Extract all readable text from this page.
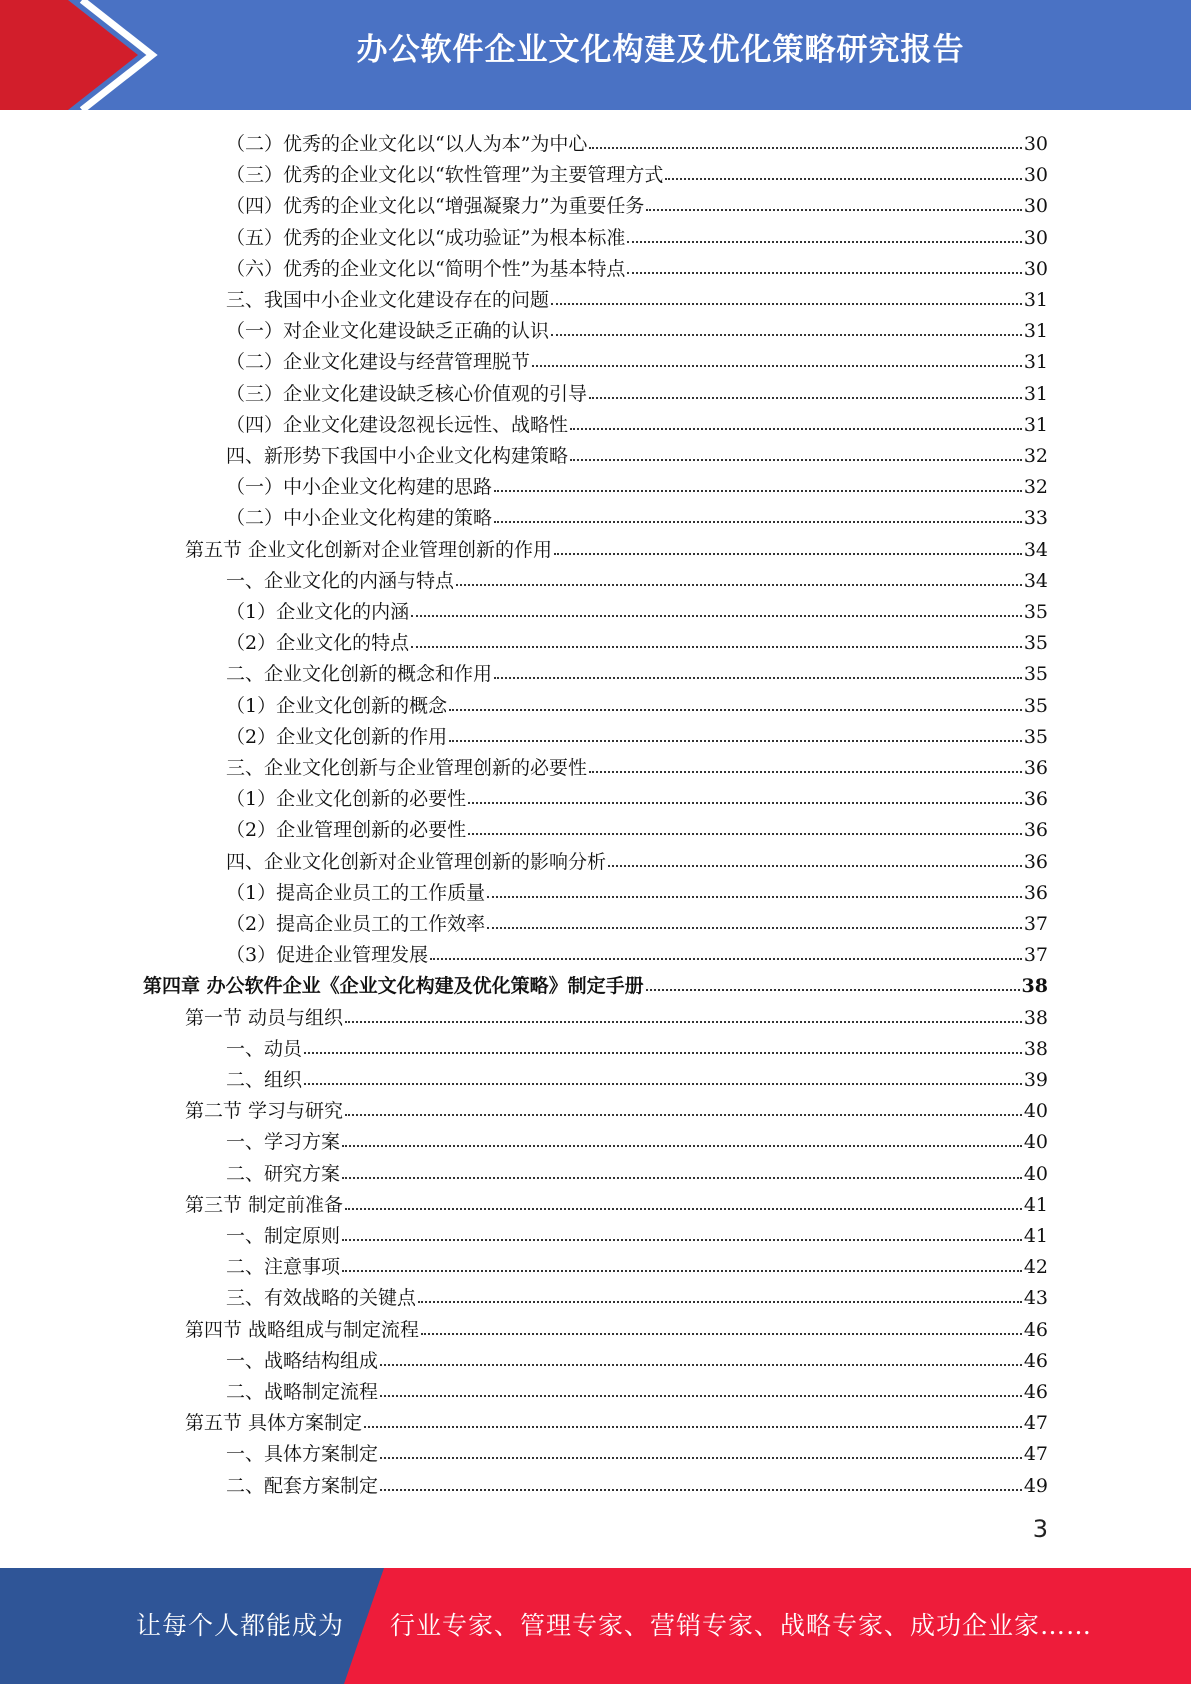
办公软件企业文化构建及优化策略研究报告
（二）优秀的企业文化以“以人为本”为中心	30
（三）优秀的企业文化以“软性管理”为主要管理方式	30
（四）优秀的企业文化以“增强凝聚力”为重要任务	30
（五）优秀的企业文化以“成功验证”为根本标准	30
（六）优秀的企业文化以“简明个性”为基本特点	30
三、我国中小企业文化建设存在的问题	31
（一）对企业文化建设缺乏正确的认识	31
（二）企业文化建设与经营管理脱节	31
（三）企业文化建设缺乏核心价值观的引导	31
（四）企业文化建设忽视长远性、战略性	31
四、新形势下我国中小企业文化构建策略	32
（一）中小企业文化构建的思路	32
（二）中小企业文化构建的策略	33
第五节 企业文化创新对企业管理创新的作用	34
一、企业文化的内涵与特点	34
（1）企业文化的内涵	35
（2）企业文化的特点	35
二、企业文化创新的概念和作用	35
（1）企业文化创新的概念	35
（2）企业文化创新的作用	35
三、企业文化创新与企业管理创新的必要性	36
（1）企业文化创新的必要性	36
（2）企业管理创新的必要性	36
四、企业文化创新对企业管理创新的影响分析	36
（1）提高企业员工的工作质量	36
（2）提高企业员工的工作效率	37
（3）促进企业管理发展	37
第四章 办公软件企业《企业文化构建及优化策略》制定手册	38
第一节 动员与组织	38
一、动员	38
二、组织	39
第二节 学习与研究	40
一、学习方案	40
二、研究方案	40
第三节 制定前准备	41
一、制定原则	41
二、注意事项	42
三、有效战略的关键点	43
第四节 战略组成与制定流程	46
一、战略结构组成	46
二、战略制定流程	46
第五节 具体方案制定	47
一、具体方案制定	47
二、配套方案制定	49
3
让每个人都能成为	行业专家、管理专家、营销专家、战略专家、成功企业家……
